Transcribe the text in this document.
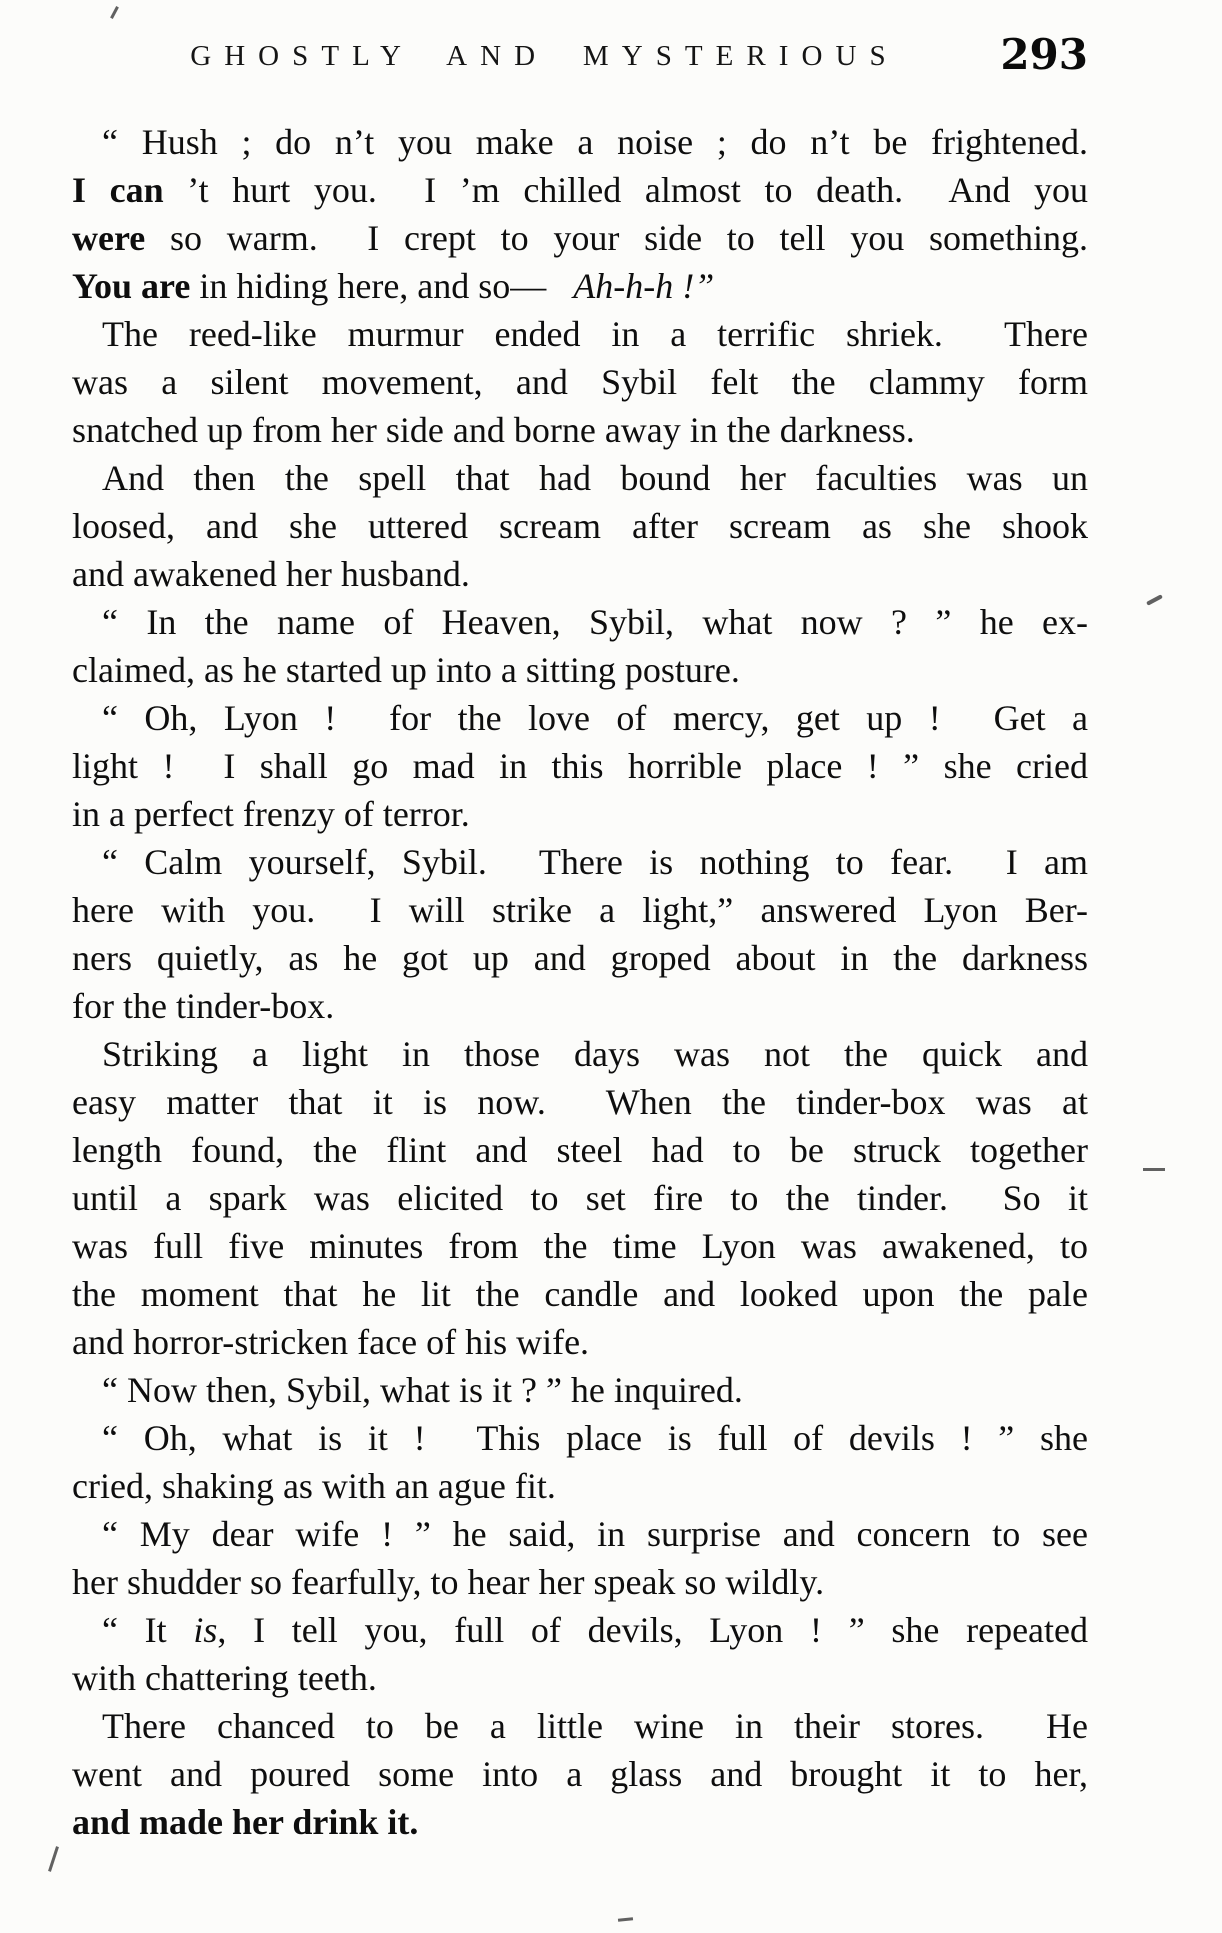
GHOSTLY AND MYSTERIOUS 293
“ Hush ; do n’t you make a noise ; do n’t be frightened.
I can ’t hurt you.  I ’m chilled almost to death.  And you
were so warm.  I crept to your side to tell you something.
You are in hiding here, and so—   Ah-h-h !”
The reed-like murmur ended in a terrific shriek.  There
was a silent movement, and Sybil felt the clammy form
snatched up from her side and borne away in the darkness.
And then the spell that had bound her faculties was un
loosed, and she uttered scream after scream as she shook
and awakened her husband.
“ In the name of Heaven, Sybil, what now ? ” he ex-
claimed, as he started up into a sitting posture.
“ Oh, Lyon !  for the love of mercy, get up !  Get a
light !  I shall go mad in this horrible place ! ” she cried
in a perfect frenzy of terror.
“ Calm yourself, Sybil.  There is nothing to fear.  I am
here with you.  I will strike a light,” answered Lyon Ber-
ners quietly, as he got up and groped about in the darkness
for the tinder-box.
Striking a light in those days was not the quick and
easy matter that it is now.  When the tinder-box was at
length found, the flint and steel had to be struck together
until a spark was elicited to set fire to the tinder.  So it
was full five minutes from the time Lyon was awakened, to
the moment that he lit the candle and looked upon the pale
and horror-stricken face of his wife.
“ Now then, Sybil, what is it ? ” he inquired.
“ Oh, what is it !  This place is full of devils ! ” she
cried, shaking as with an ague fit.
“ My dear wife ! ” he said, in surprise and concern to see
her shudder so fearfully, to hear her speak so wildly.
“ It is, I tell you, full of devils, Lyon ! ” she repeated
with chattering teeth.
There chanced to be a little wine in their stores.  He
went and poured some into a glass and brought it to her,
and made her drink it.
